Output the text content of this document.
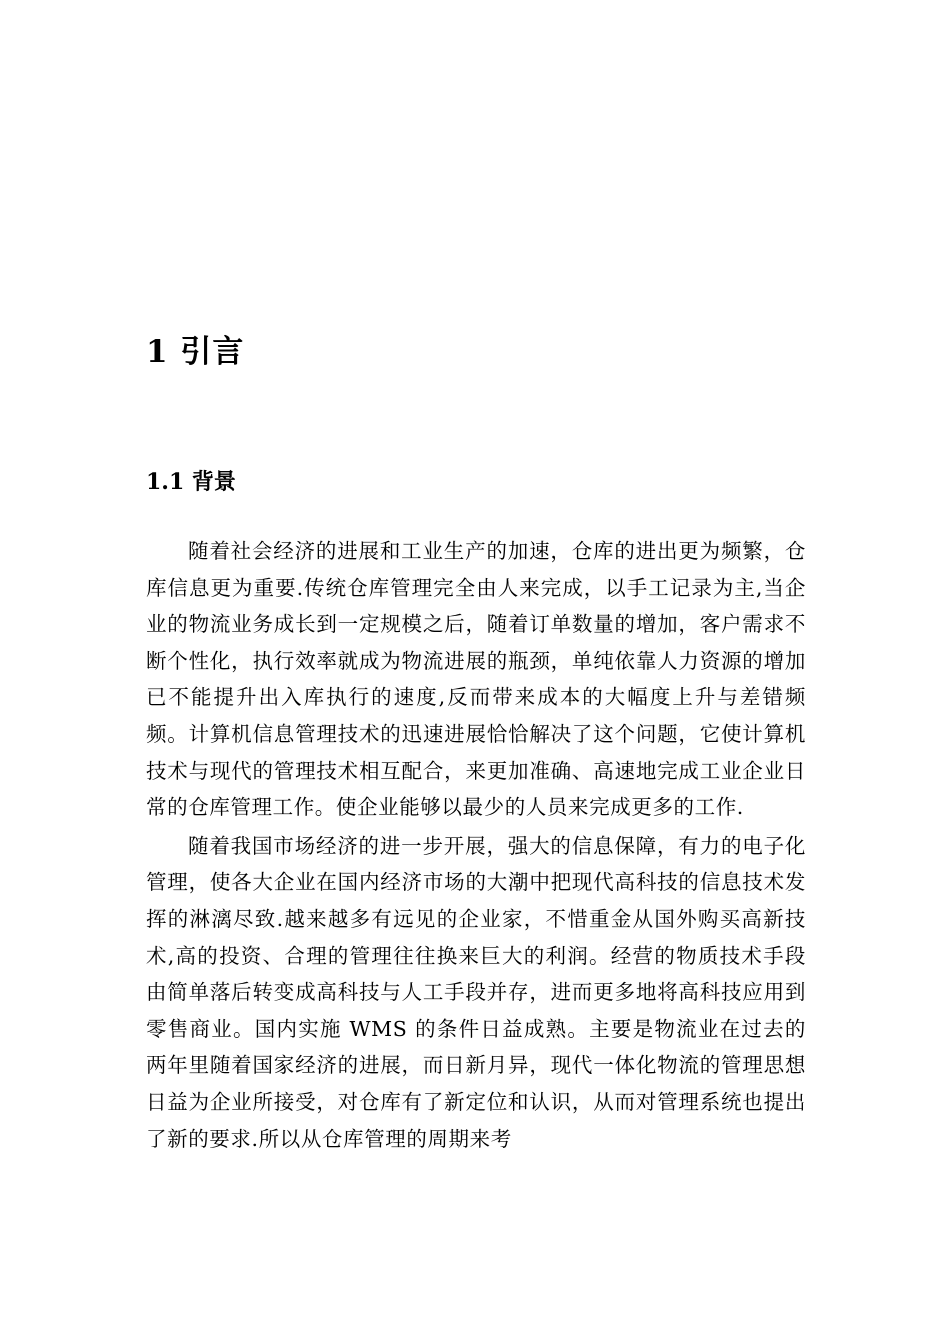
1 引言
1.1 背景

随着社会经济的进展和工业生产的加速，仓库的进出更为频繁，仓库信息更为重要.传统仓库管理完全由人来完成，以手工记录为主,当企业的物流业务成长到一定规模之后，随着订单数量的增加，客户需求不断个性化，执行效率就成为物流进展的瓶颈，单纯依靠人力资源的增加已不能提升出入库执行的速度,反而带来成本的大幅度上升与差错频频。计算机信息管理技术的迅速进展恰恰解决了这个问题，它使计算机技术与现代的管理技术相互配合，来更加准确、高速地完成工业企业日常的仓库管理工作。使企业能够以最少的人员来完成更多的工作.

随着我国市场经济的进一步开展，强大的信息保障，有力的电子化管理，使各大企业在国内经济市场的大潮中把现代高科技的信息技术发挥的淋漓尽致.越来越多有远见的企业家，不惜重金从国外购买高新技术,高的投资、合理的管理往往换来巨大的利润。经营的物质技术手段由简单落后转变成高科技与人工手段并存，进而更多地将高科技应用到零售商业。国内实施 WMS 的条件日益成熟。主要是物流业在过去的两年里随着国家经济的进展，而日新月异，现代一体化物流的管理思想日益为企业所接受，对仓库有了新定位和认识，从而对管理系统也提出了新的要求.所以从仓库管理的周期来考
